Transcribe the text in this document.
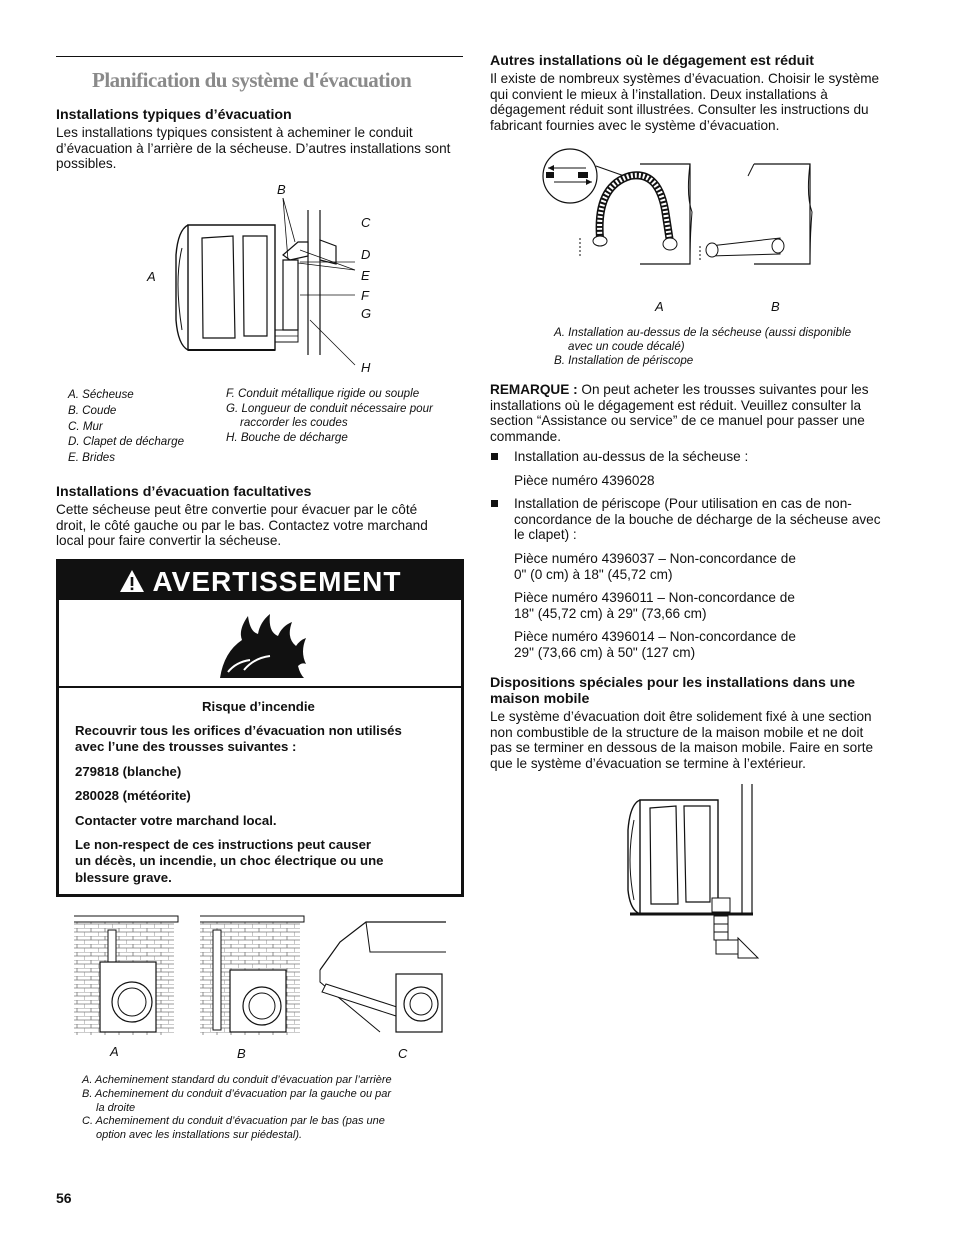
Planification du système d'évacuation
Installations typiques d’évacuation
Les installations typiques consistent à acheminer le conduit
d’évacuation à l’arrière de la sécheuse. D’autres installations sont
possibles.
A
B
C
D
E
F
G
H
A. Sécheuse
B. Coude
C. Mur
D. Clapet de décharge
E. Brides
F. Conduit métallique rigide ou souple
G. Longueur de conduit nécessaire pour
raccorder les coudes
H. Bouche de décharge
Installations d’évacuation facultatives
Cette sécheuse peut être convertie pour évacuer par le côté
droit, le côté gauche ou par le bas. Contactez votre marchand
local pour faire convertir la sécheuse.
AVERTISSEMENT
Risque d’incendie
Recouvrir tous les orifices d’évacuation non utilisés
avec l’une des trousses suivantes :
279818 (blanche)
280028 (météorite)
Contacter votre marchand local.
Le non-respect de ces instructions peut causer
un décès, un incendie, un choc électrique ou une
blessure grave.
A	B	C
A. Acheminement standard du conduit d’évacuation par l’arrière
B. Acheminement du conduit d’évacuation par la gauche ou par
la droite
C. Acheminement du conduit d’évacuation par le bas (pas une
option avec les installations sur piédestal).
56
Autres installations où le dégagement est réduit
Il existe de nombreux systèmes d’évacuation. Choisir le système
qui convient le mieux à l’installation. Deux installations à
dégagement réduit sont illustrées. Consulter les instructions du
fabricant fournies avec le système d’évacuation.
A	B
A. Installation au-dessus de la sécheuse (aussi disponible
avec un coude décalé)
B. Installation de périscope
REMARQUE : On peut acheter les trousses suivantes pour les
installations où le dégagement est réduit. Veuillez consulter la
section “Assistance ou service” de ce manuel pour passer une
commande.
Installation au-dessus de la sécheuse :
Pièce numéro 4396028
Installation de périscope (Pour utilisation en cas de non-
concordance de la bouche de décharge de la sécheuse avec
le clapet) :
Pièce numéro 4396037 – Non-concordance de
0" (0 cm) à 18" (45,72 cm)
Pièce numéro 4396011 – Non-concordance de
18" (45,72 cm) à 29" (73,66 cm)
Pièce numéro 4396014 – Non-concordance de
29" (73,66 cm) à 50" (127 cm)
Dispositions spéciales pour les installations dans une
maison mobile
Le système d’évacuation doit être solidement fixé à une section
non combustible de la structure de la maison mobile et ne doit
pas se terminer en dessous de la maison mobile. Faire en sorte
que le système d’évacuation se termine à l’extérieur.
